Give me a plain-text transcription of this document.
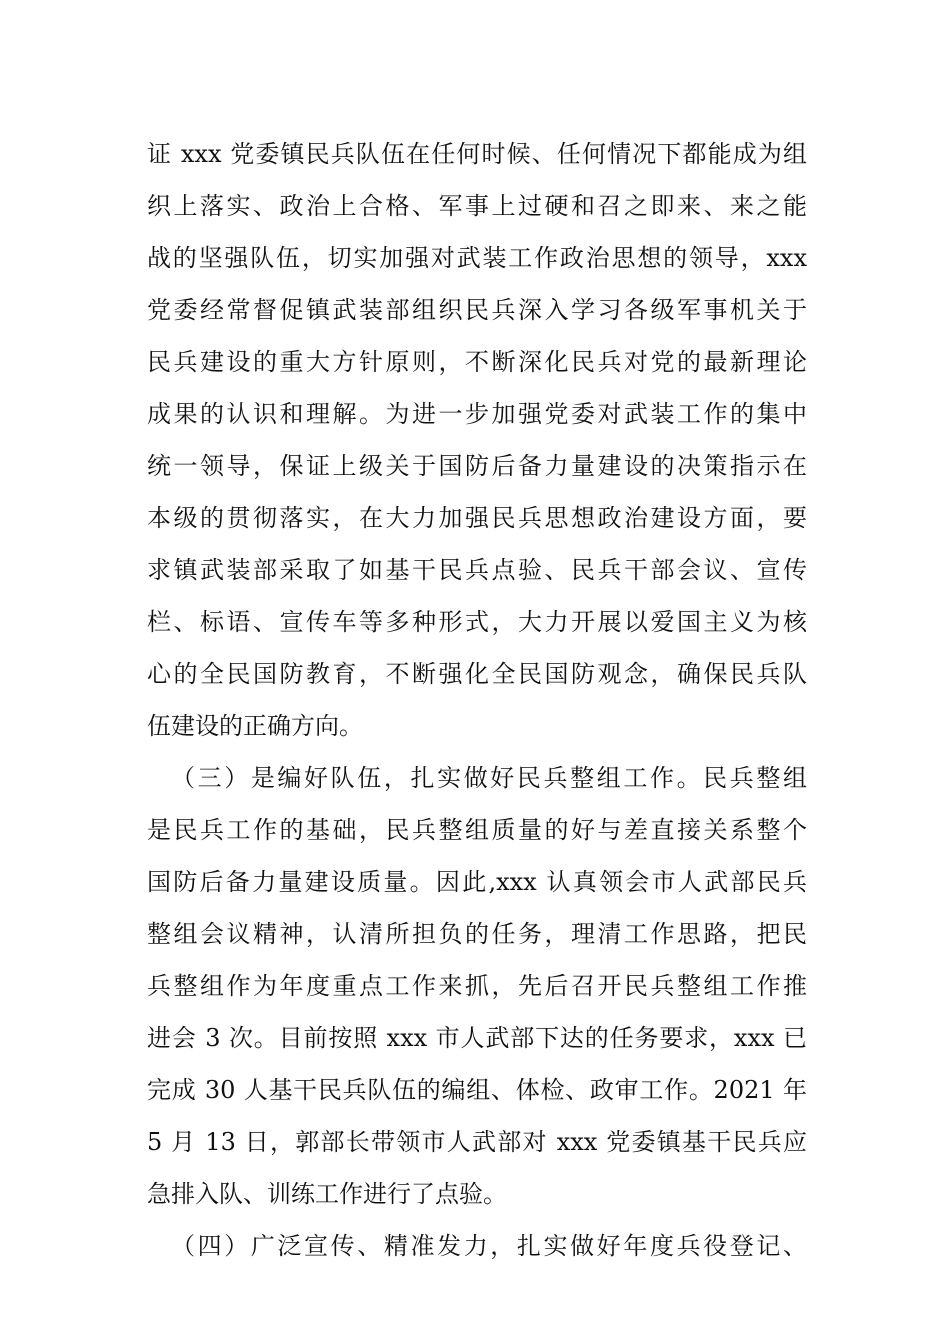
证 xxx 党委镇民兵队伍在任何时候、任何情况下都能成为组
织上落实、政治上合格、军事上过硬和召之即来、来之能
战的坚强队伍，切实加强对武装工作政治思想的领导，xxx
党委经常督促镇武装部组织民兵深入学习各级军事机关于
民兵建设的重大方针原则，不断深化民兵对党的最新理论
成果的认识和理解。为进一步加强党委对武装工作的集中
统一领导，保证上级关于国防后备力量建设的决策指示在
本级的贯彻落实，在大力加强民兵思想政治建设方面，要
求镇武装部采取了如基干民兵点验、民兵干部会议、宣传
栏、标语、宣传车等多种形式，大力开展以爱国主义为核
心的全民国防教育，不断强化全民国防观念，确保民兵队
伍建设的正确方向。
（三）是编好队伍，扎实做好民兵整组工作。民兵整组
是民兵工作的基础，民兵整组质量的好与差直接关系整个
国防后备力量建设质量。因此,xxx 认真领会市人武部民兵
整组会议精神，认清所担负的任务，理清工作思路，把民
兵整组作为年度重点工作来抓，先后召开民兵整组工作推
进会 3 次。目前按照 xxx 市人武部下达的任务要求，xxx 已
完成 30 人基干民兵队伍的编组、体检、政审工作。2021 年
5 月 13 日，郭部长带领市人武部对 xxx 党委镇基干民兵应
急排入队、训练工作进行了点验。
（四）广泛宣传、精准发力，扎实做好年度兵役登记、
